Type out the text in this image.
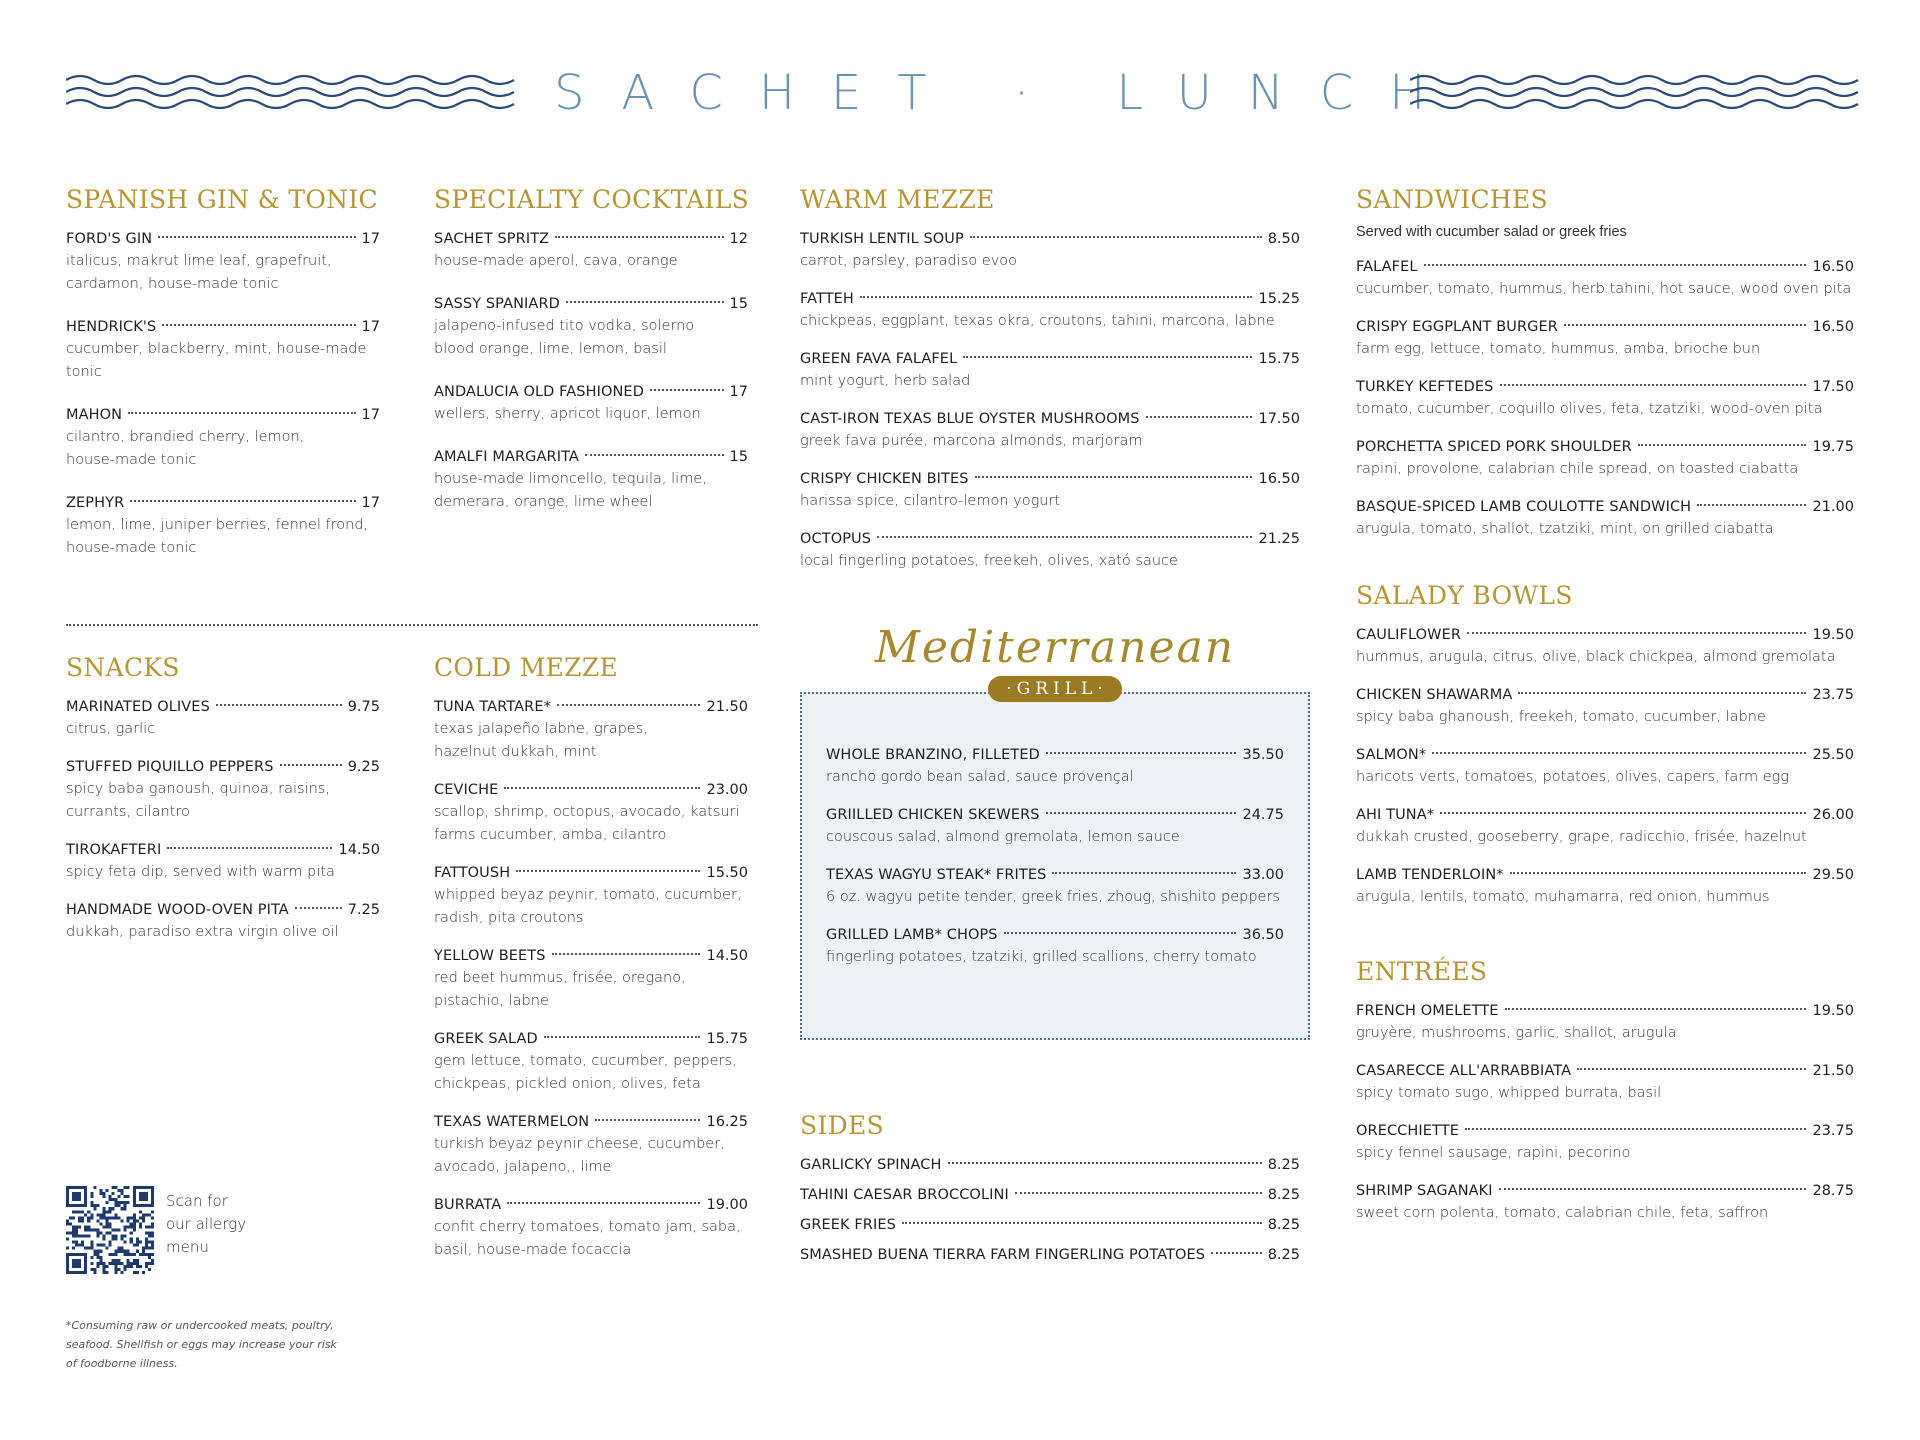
SACHET · LUNCH
SPANISH GIN & TONIC
FORD'S GIN	17
italicus, makrut lime leaf, grapefruit,
cardamon, house-made tonic
HENDRICK'S	17
cucumber, blackberry, mint, house-made
tonic
MAHON	17
cilantro, brandied cherry, lemon,
house-made tonic
ZEPHYR	17
lemon, lime, juniper berries, fennel frond,
house-made tonic
SPECIALTY COCKTAILS
SACHET SPRITZ	12
house-made aperol, cava, orange
SASSY SPANIARD	15
jalapeno-infused tito vodka, solerno
blood orange, lime, lemon, basil
ANDALUCIA OLD FASHIONED	17
wellers, sherry, apricot liquor, lemon
AMALFI MARGARITA	15
house-made limoncello, tequila, lime,
demerara, orange, lime wheel
WARM MEZZE
TURKISH LENTIL SOUP	8.50
carrot, parsley, paradiso evoo
FATTEH	15.25
chickpeas, eggplant, texas okra, croutons, tahini, marcona, labne
GREEN FAVA FALAFEL	15.75
mint yogurt, herb salad
CAST-IRON TEXAS BLUE OYSTER MUSHROOMS	17.50
greek fava purée, marcona almonds, marjoram
CRISPY CHICKEN BITES	16.50
harissa spice, cilantro-lemon yogurt
OCTOPUS	21.25
local fingerling potatoes, freekeh, olives, xató sauce
SANDWICHES
Served with cucumber salad or greek fries
FALAFEL	16.50
cucumber, tomato, hummus, herb tahini, hot sauce, wood oven pita
CRISPY EGGPLANT BURGER	16.50
farm egg, lettuce, tomato, hummus, amba, brioche bun
TURKEY KEFTEDES	17.50
tomato, cucumber, coquillo olives, feta, tzatziki, wood-oven pita
PORCHETTA SPICED PORK SHOULDER	19.75
rapini, provolone, calabrian chile spread, on toasted ciabatta
BASQUE-SPICED LAMB COULOTTE SANDWICH	21.00
arugula, tomato, shallot, tzatziki, mint, on grilled ciabatta
SALADY BOWLS
CAULIFLOWER	19.50
hummus, arugula, citrus, olive, black chickpea, almond gremolata
CHICKEN SHAWARMA	23.75
spicy baba ghanoush, freekeh, tomato, cucumber, labne
SALMON*	25.50
haricots verts, tomatoes, potatoes, olives, capers, farm egg
AHI TUNA*	26.00
dukkah crusted, gooseberry, grape, radicchio, frisée, hazelnut
LAMB TENDERLOIN*	29.50
arugula, lentils, tomato, muhamarra, red onion, hummus
ENTRÉES
FRENCH OMELETTE	19.50
gruyère, mushrooms, garlic, shallot, arugula
CASARECCE ALL'ARRABBIATA	21.50
spicy tomato sugo, whipped burrata, basil
ORECCHIETTE	23.75
spicy fennel sausage, rapini, pecorino
SHRIMP SAGANAKI	28.75
sweet corn polenta, tomato, calabrian chile, feta, saffron
SNACKS
MARINATED OLIVES	9.75
citrus, garlic
STUFFED PIQUILLO PEPPERS	9.25
spicy baba ganoush, quinoa, raisins,
currants, cilantro
TIROKAFTERI	14.50
spicy feta dip, served with warm pita
HANDMADE WOOD-OVEN PITA	7.25
dukkah, paradiso extra virgin olive oil
COLD MEZZE
TUNA TARTARE*	21.50
texas jalapeño labne, grapes,
hazelnut dukkah, mint
CEVICHE	23.00
scallop, shrimp, octopus, avocado, katsuri
farms cucumber, amba, cilantro
FATTOUSH	15.50
whipped beyaz peynir, tomato, cucumber,
radish, pita croutons
YELLOW BEETS	14.50
red beet hummus, frisée, oregano,
pistachio, labne
GREEK SALAD	15.75
gem lettuce, tomato, cucumber, peppers,
chickpeas, pickled onion, olives, feta
TEXAS WATERMELON	16.25
turkish beyaz peynir cheese, cucumber,
avocado, jalapeno,, lime
BURRATA	19.00
confit cherry tomatoes, tomato jam, saba,
basil, house-made focaccia
Mediterranean
·GRILL·
WHOLE BRANZINO, FILLETED	35.50
rancho gordo bean salad, sauce provençal
GRIILLED CHICKEN SKEWERS	24.75
couscous salad, almond gremolata, lemon sauce
TEXAS WAGYU STEAK* FRITES	33.00
6 oz. wagyu petite tender, greek fries, zhoug, shishito peppers
GRILLED LAMB* CHOPS	36.50
fingerling potatoes, tzatziki, grilled scallions, cherry tomato
SIDES
GARLICKY SPINACH	8.25
TAHINI CAESAR BROCCOLINI	8.25
GREEK FRIES	8.25
SMASHED BUENA TIERRA FARM FINGERLING POTATOES	8.25
Scan for
our allergy
menu
*Consuming raw or undercooked meats, poultry,
seafood. Shellfish or eggs may increase your risk
of foodborne illness.
